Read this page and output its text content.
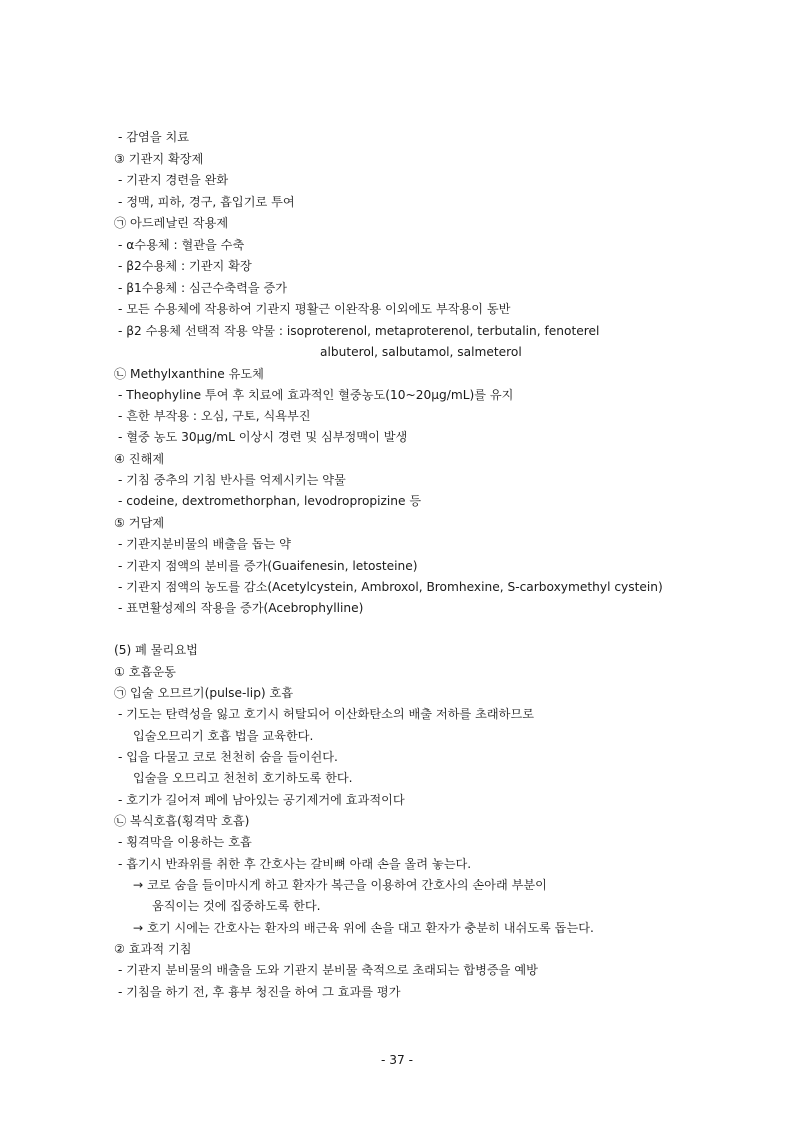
- 감염을 치료
③ 기관지 확장제
- 기관지 경련을 완화
- 정맥, 피하, 경구, 흡입기로 투여
㉠ 아드레날린 작용제
- α수용체 : 혈관을 수축
- β2수용체 : 기관지 확장
- β1수용체 : 심근수축력을 증가
- 모든 수용체에 작용하여 기관지 평활근 이완작용 이외에도 부작용이 동반
- β2 수용체 선택적 작용 약물 : isoproterenol, metaproterenol, terbutalin, fenoterel
albuterol, salbutamol, salmeterol
㉡ Methylxanthine 유도체
- Theophyline 투여 후 치료에 효과적인 혈중농도(10~20μg/mL)를 유지
- 흔한 부작용 : 오심, 구토, 식욕부진
- 혈중 농도 30μg/mL 이상시 경련 및 심부정맥이 발생
④ 진해제
- 기침 중추의 기침 반사를 억제시키는 약물
- codeine, dextromethorphan, levodropropizine 등
⑤ 거담제
- 기관지분비물의 배출을 돕는 약
- 기관지 점액의 분비를 증가(Guaifenesin, letosteine)
- 기관지 점액의 농도를 감소(Acetylcystein, Ambroxol, Bromhexine, S-carboxymethyl cystein)
- 표면활성제의 작용을 증가(Acebrophylline)
(5) 폐 물리요법
① 호흡운동
㉠ 입술 오므르기(pulse-lip) 호흡
- 기도는 탄력성을 잃고 호기시 허탈되어 이산화탄소의 배출 저하를 초래하므로
입술오므리기 호흡 법을 교육한다.
- 입을 다물고 코로 천천히 숨을 들이쉰다.
입술을 오므리고 천천히 호기하도록 한다.
- 호기가 길어져 폐에 남아있는 공기제거에 효과적이다
㉡ 복식호흡(횡격막 호흡)
- 횡격막을 이용하는 호흡
- 흡기시 반좌위를 취한 후 간호사는 갈비뼈 아래 손을 올려 놓는다.
→ 코로 숨을 들이마시게 하고 환자가 복근을 이용하여 간호사의 손아래 부분이
움직이는 것에 집중하도록 한다.
→ 호기 시에는 간호사는 환자의 배근육 위에 손을 대고 환자가 충분히 내쉬도록 돕는다.
② 효과적 기침
- 기관지 분비물의 배출을 도와 기관지 분비물 축적으로 초래되는 합병증을 예방
- 기침을 하기 전, 후 흉부 청진을 하여 그 효과를 평가
- 37 -
